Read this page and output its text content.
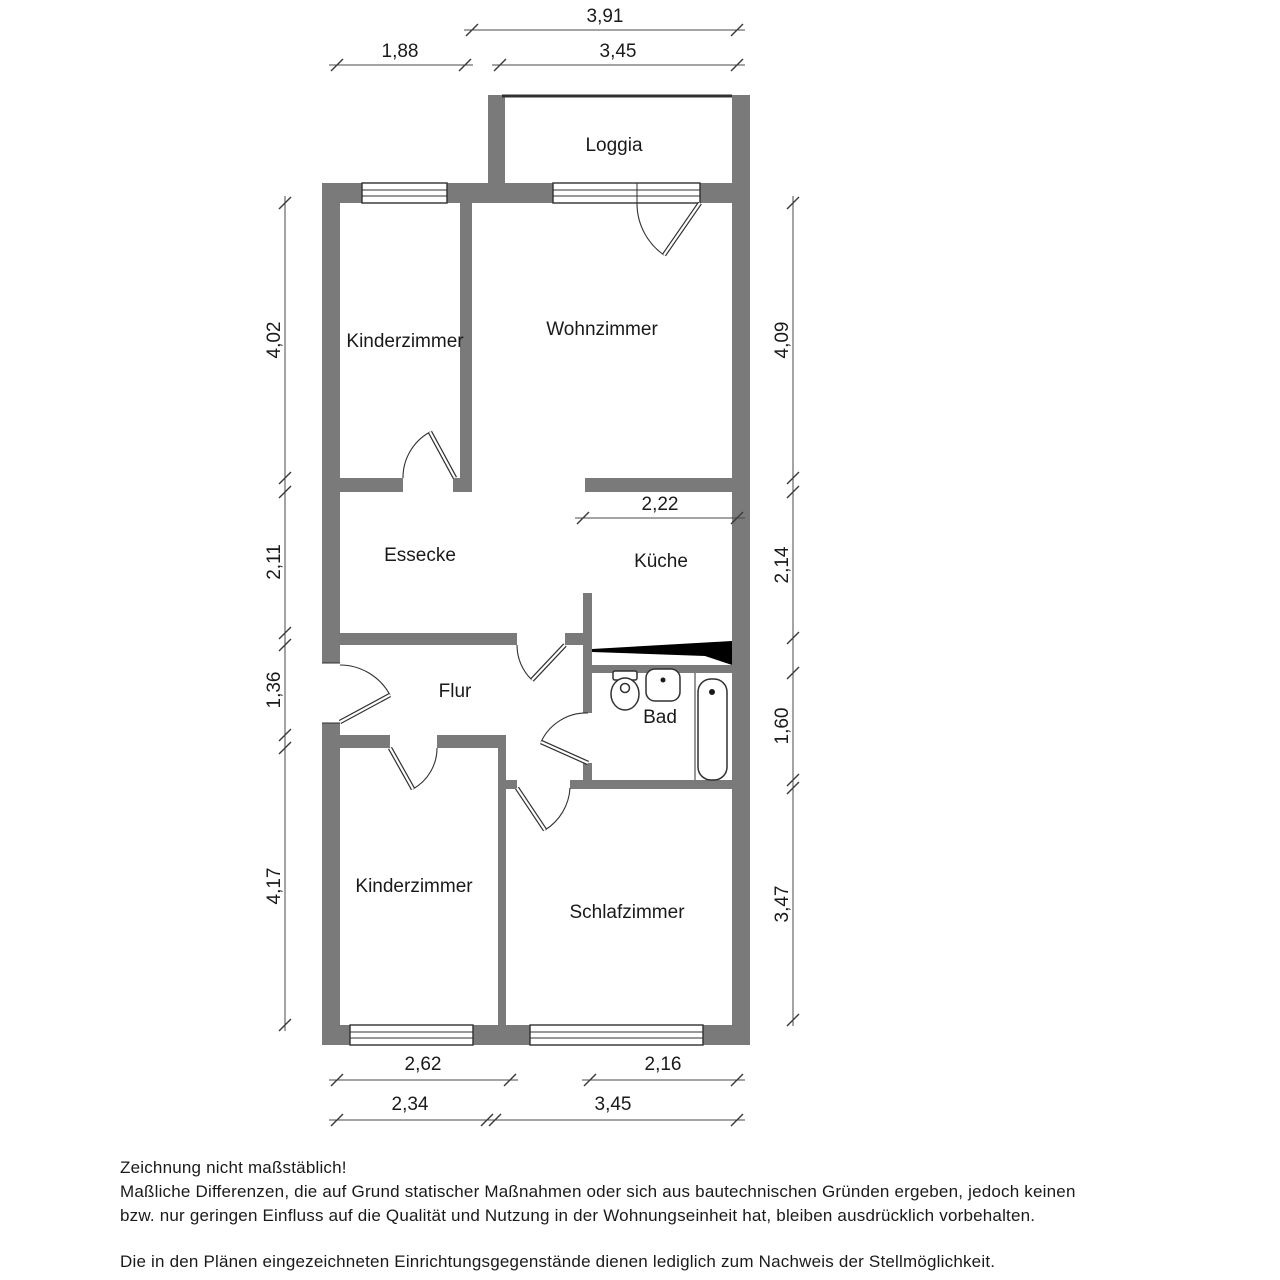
3,91
1,88	3,45
4,02
2,11
1,36
4,17
4,09
2,14
1,60
3,47
2,22
2,62	2,16
2,34	3,45
Loggia
Kinderzimmer
Wohnzimmer
Essecke	Küche
Flur
Bad
Kinderzimmer
Schlafzimmer
Zeichnung nicht maßstäblich!
Maßliche Differenzen, die auf Grund statischer Maßnahmen oder sich aus bautechnischen Gründen ergeben, jedoch keinen
bzw. nur geringen Einfluss auf die Qualität und Nutzung in der Wohnungseinheit hat, bleiben ausdrücklich vorbehalten.
Die in den Plänen eingezeichneten Einrichtungsgegenstände dienen lediglich zum Nachweis der Stellmöglichkeit.
